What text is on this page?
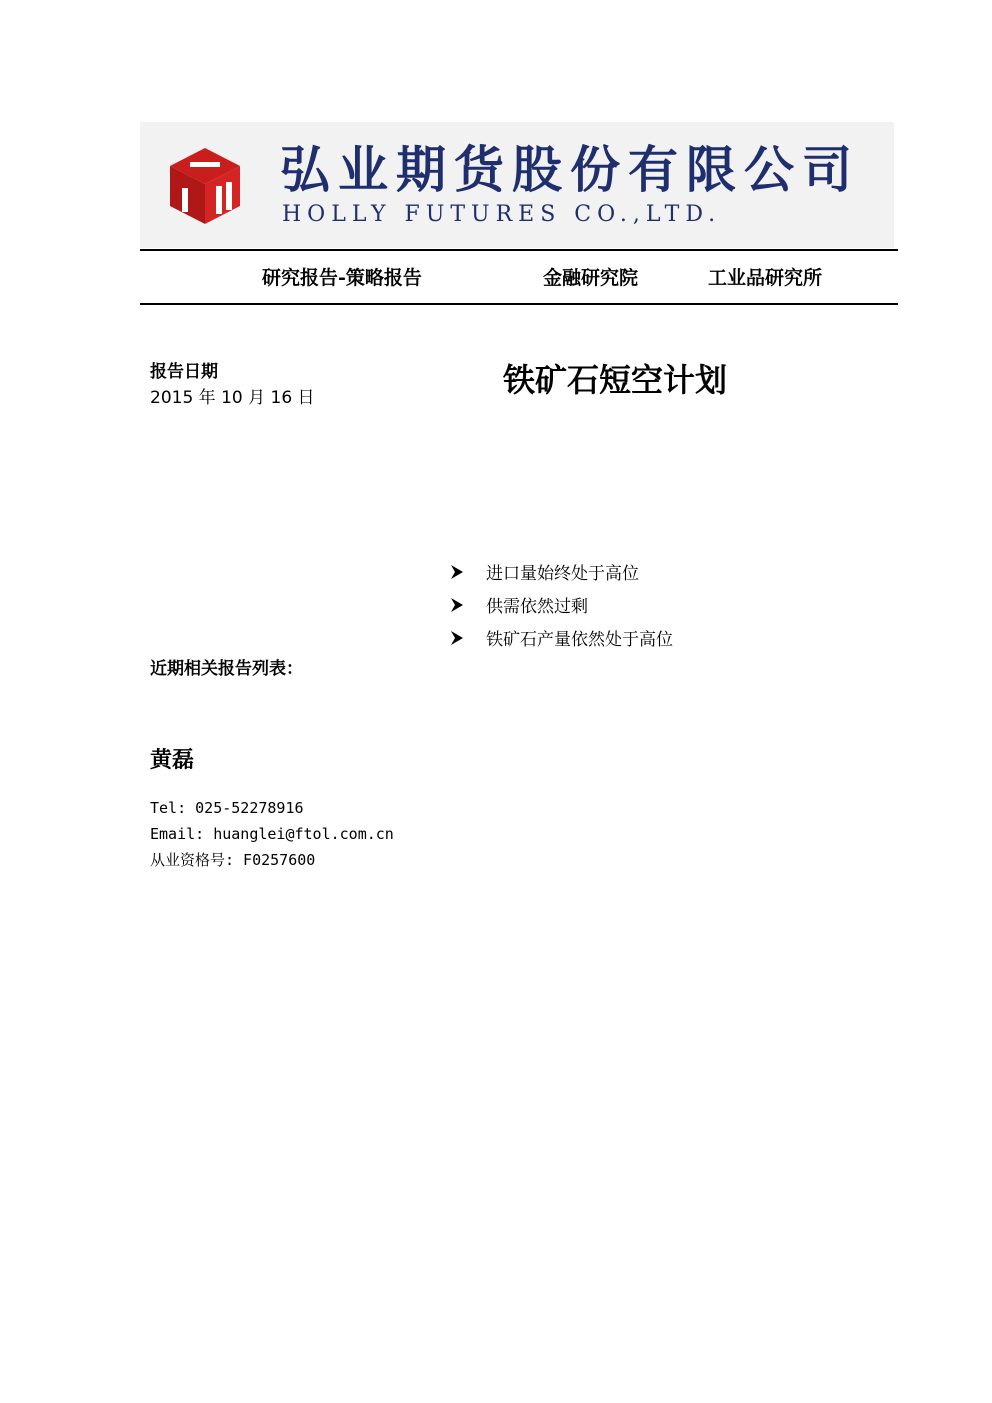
弘业期货股份有限公司
HOLLY FUTURES CO.,LTD.
研究报告-策略报告	金融研究院	工业品研究所
报告日期
2015 年 10 月 16 日	铁矿石短空计划
进口量始终处于高位
供需依然过剩
铁矿石产量依然处于高位
近期相关报告列表：
黄磊
Tel: 025-52278916
Email: huanglei@ftol.com.cn
从业资格号: F0257600
